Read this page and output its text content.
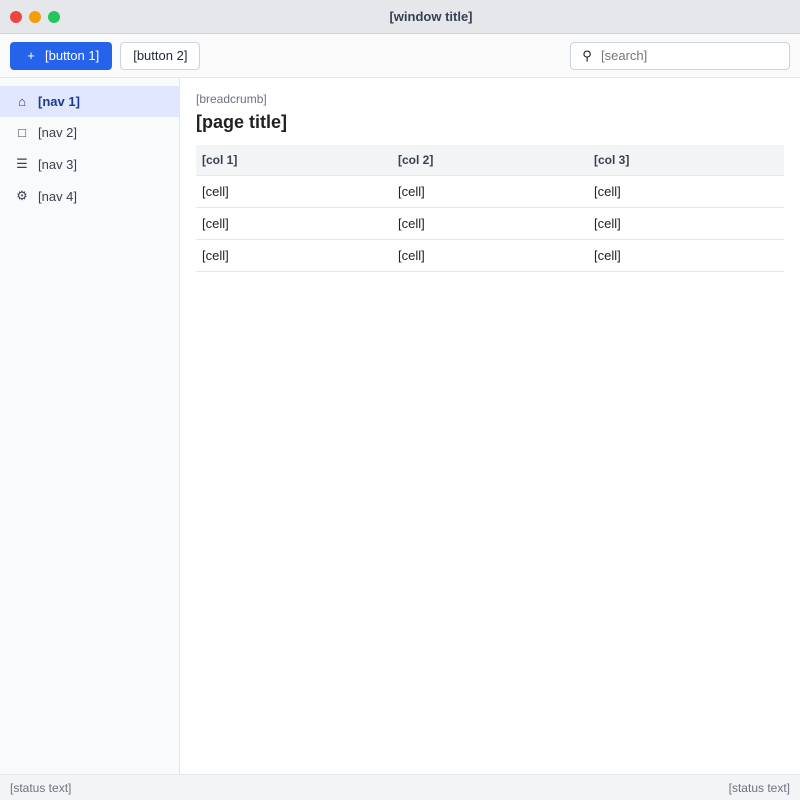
[window title]
+ [button 1]	[button 2]	⚲
[search]
⌂ [nav 1]
□ [nav 2]
☰ [nav 3]
⚙ [nav 4]
[breadcrumb]
[page title]
[col 1]	[col 2]	[col 3]
[cell]	[cell]	[cell]
[cell]	[cell]	[cell]
[cell]	[cell]	[cell]
[status text]	[status text]
